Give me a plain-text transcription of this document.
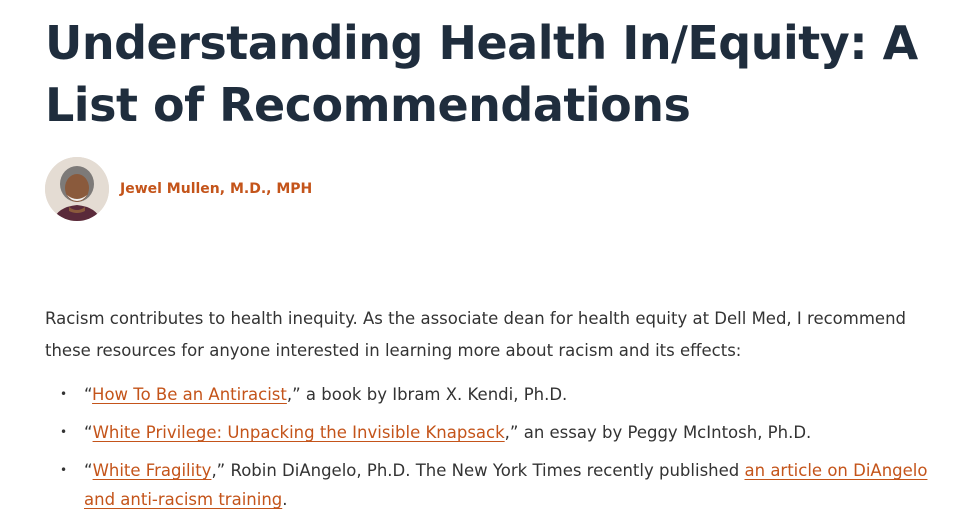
Understanding Health In/Equity: A List of Recommendations
Jewel Mullen, M.D., MPH

Racism contributes to health inequity. As the associate dean for health equity at Dell Med, I recommend these resources for anyone interested in learning more about racism and its effects:

• “How To Be an Antiracist,” a book by Ibram X. Kendi, Ph.D.
• “White Privilege: Unpacking the Invisible Knapsack,” an essay by Peggy McIntosh, Ph.D.
• “White Fragility,” Robin DiAngelo, Ph.D. The New York Times recently published an article on DiAngelo and anti-racism training.
